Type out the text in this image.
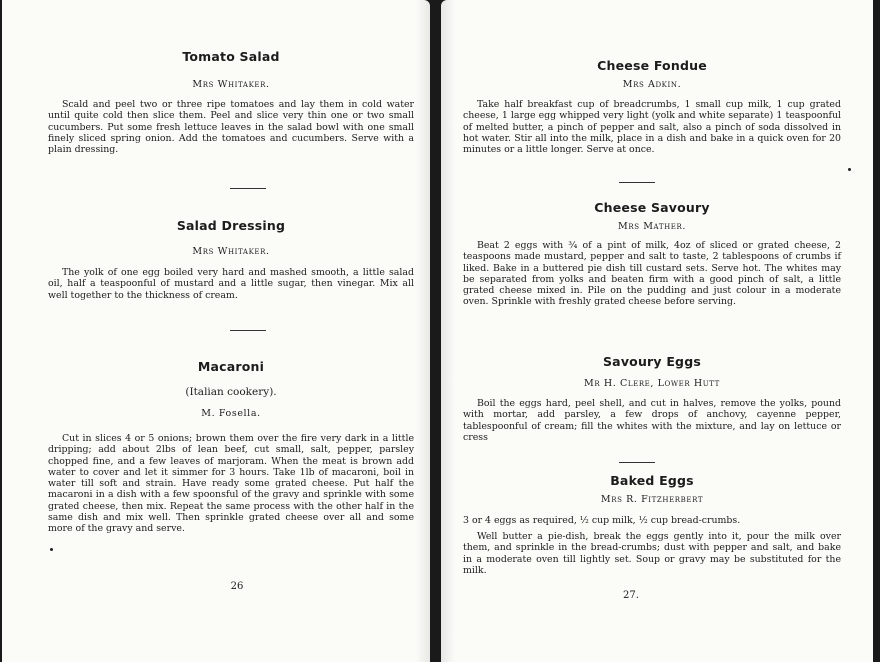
Tomato Salad

Mrs Whitaker.

Scald and peel two or three ripe tomatoes and lay them in cold water until quite cold then slice them. Peel and slice very thin one or two small cucumbers. Put some fresh lettuce leaves in the salad bowl with one small finely sliced spring onion. Add the tomatoes and cucumbers. Serve with a plain dressing.

Salad Dressing

Mrs Whitaker.

The yolk of one egg boiled very hard and mashed smooth, a little salad oil, half a teaspoonful of mustard and a little sugar, then vinegar. Mix all well together to the thickness of cream.

Macaroni

(Italian cookery).

M. Fosella.

Cut in slices 4 or 5 onions; brown them over the fire very dark in a little dripping; add about 2lbs of lean beef, cut small, salt, pepper, parsley chopped fine, and a few leaves of marjoram. When the meat is brown add water to cover and let it simmer for 3 hours. Take 1lb of macaroni, boil in water till soft and strain. Have ready some grated cheese. Put half the macaroni in a dish with a few spoonsful of the gravy and sprinkle with some grated cheese, then mix. Repeat the same process with the other half in the same dish and mix well. Then sprinkle grated cheese over all and some more of the gravy and serve.

26
Cheese Fondue

Mrs Adkin.

Take half breakfast cup of breadcrumbs, 1 small cup milk, 1 cup grated cheese, 1 large egg whipped very light (yolk and white separate) 1 teaspoonful of melted butter, a pinch of pepper and salt, also a pinch of soda dissolved in hot water. Stir all into the milk, place in a dish and bake in a quick oven for 20 minutes or a little longer. Serve at once.

Cheese Savoury

Mrs Mather.

Beat 2 eggs with ¾ of a pint of milk, 4oz of sliced or grated cheese, 2 teaspoons made mustard, pepper and salt to taste, 2 tablespoons of crumbs if liked. Bake in a buttered pie dish till custard sets. Serve hot. The whites may be separated from yolks and beaten firm with a good pinch of salt, a little grated cheese mixed in. Pile on the pudding and just colour in a moderate oven. Sprinkle with freshly grated cheese before serving.

Savoury Eggs

Mr H. Clere, Lower Hutt

Boil the eggs hard, peel shell, and cut in halves, remove the yolks, pound with mortar, add parsley, a few drops of anchovy, cayenne pepper, tablespoonful of cream; fill the whites with the mixture, and lay on lettuce or cress

Baked Eggs

Mrs R. Fitzherbert

3 or 4 eggs as required, ½ cup milk, ½ cup bread-crumbs.

Well butter a pie-dish, break the eggs gently into it, pour the milk over them, and sprinkle in the bread-crumbs; dust with pepper and salt, and bake in a moderate oven till lightly set. Soup or gravy may be substituted for the milk.

27.
